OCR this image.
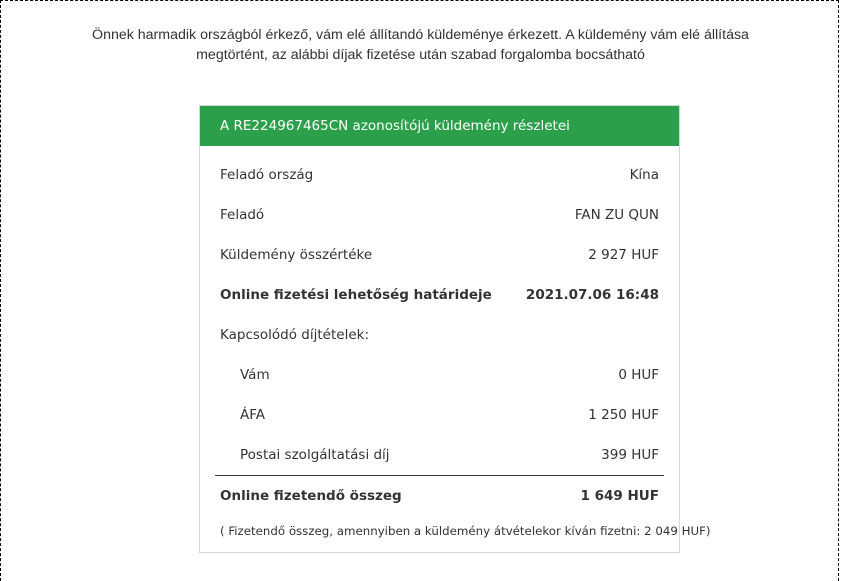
Önnek harmadik országból érkező, vám elé állítandó küldeménye érkezett. A küldemény vám elé állítása
megtörtént, az alábbi díjak fizetése után szabad forgalomba bocsátható
A RE224967465CN azonosítójú küldemény részletei
Feladó ország	Kína
Feladó	FAN ZU QUN
Küldemény összértéke	2 927 HUF
Online fizetési lehetőség határideje	2021.07.06 16:48
Kapcsolódó díjtételek:
Vám	0 HUF
ÁFA	1 250 HUF
Postai szolgáltatási díj	399 HUF
Online fizetendő összeg	1 649 HUF
( Fizetendő összeg, amennyiben a küldemény átvételekor kíván fizetni: 2 049 HUF)
